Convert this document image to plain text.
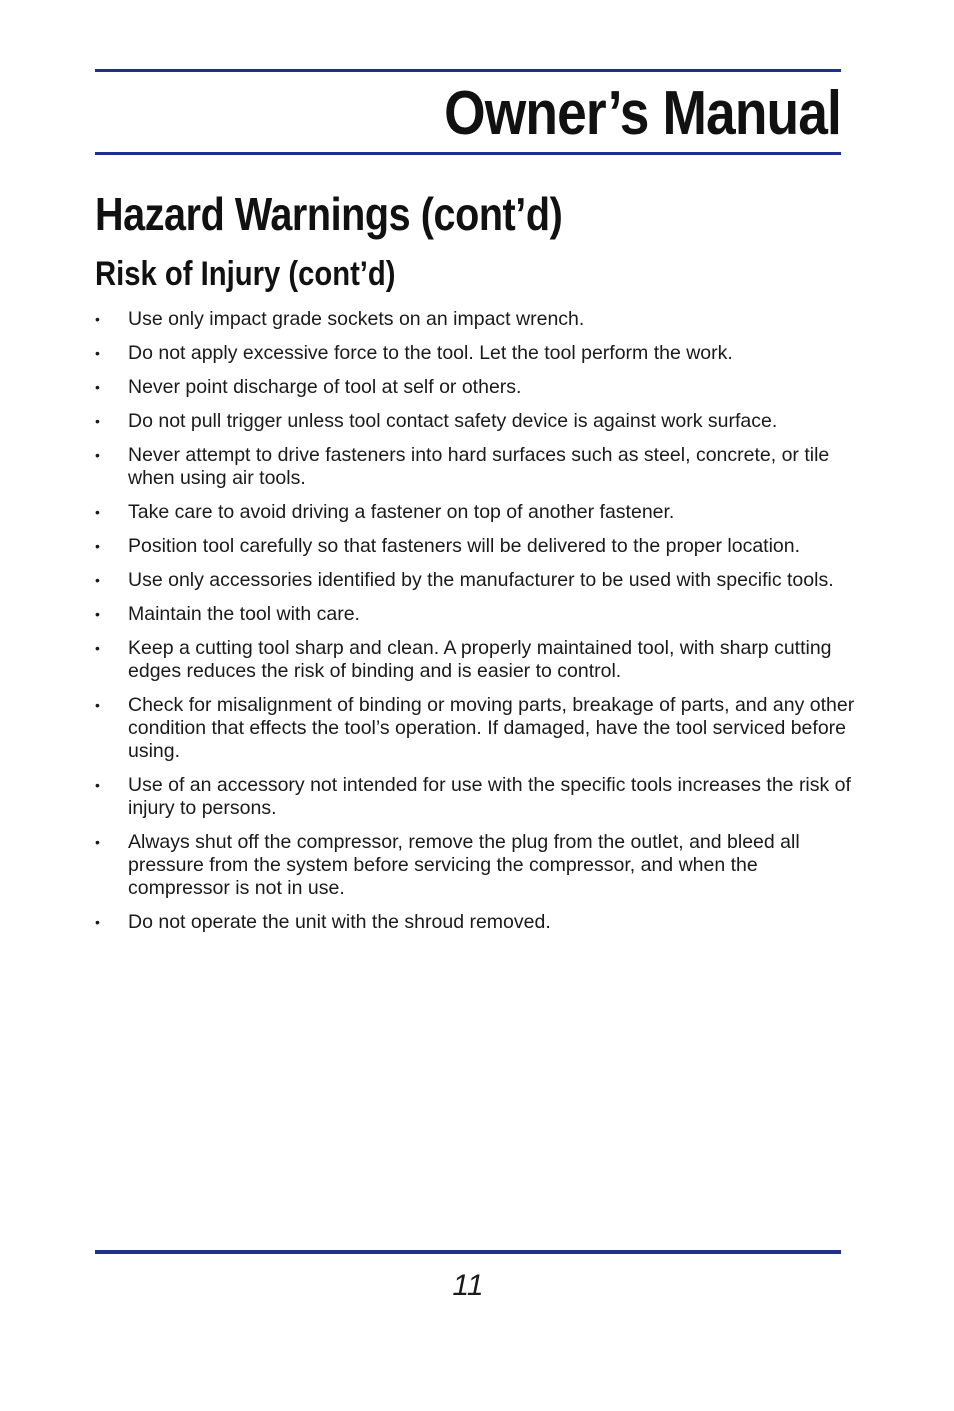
Owner’s Manual
Hazard Warnings (cont’d)
Risk of Injury (cont’d)
• Use only impact grade sockets on an impact wrench.
• Do not apply excessive force to the tool. Let the tool perform the work.
• Never point discharge of tool at self or others.
• Do not pull trigger unless tool contact safety device is against work surface.
• Never attempt to drive fasteners into hard surfaces such as steel, concrete, or tile when using air tools.
• Take care to avoid driving a fastener on top of another fastener.
• Position tool carefully so that fasteners will be delivered to the proper location.
• Use only accessories identified by the manufacturer to be used with specific tools.
• Maintain the tool with care.
• Keep a cutting tool sharp and clean. A properly maintained tool, with sharp cutting edges reduces the risk of binding and is easier to control.
• Check for misalignment of binding or moving parts, breakage of parts, and any other condition that effects the tool’s operation. If damaged, have the tool serviced before using.
• Use of an accessory not intended for use with the specific tools increases the risk of injury to persons.
• Always shut off the compressor, remove the plug from the outlet, and bleed all pressure from the system before servicing the compressor, and when the compressor is not in use.
• Do not operate the unit with the shroud removed.

11
